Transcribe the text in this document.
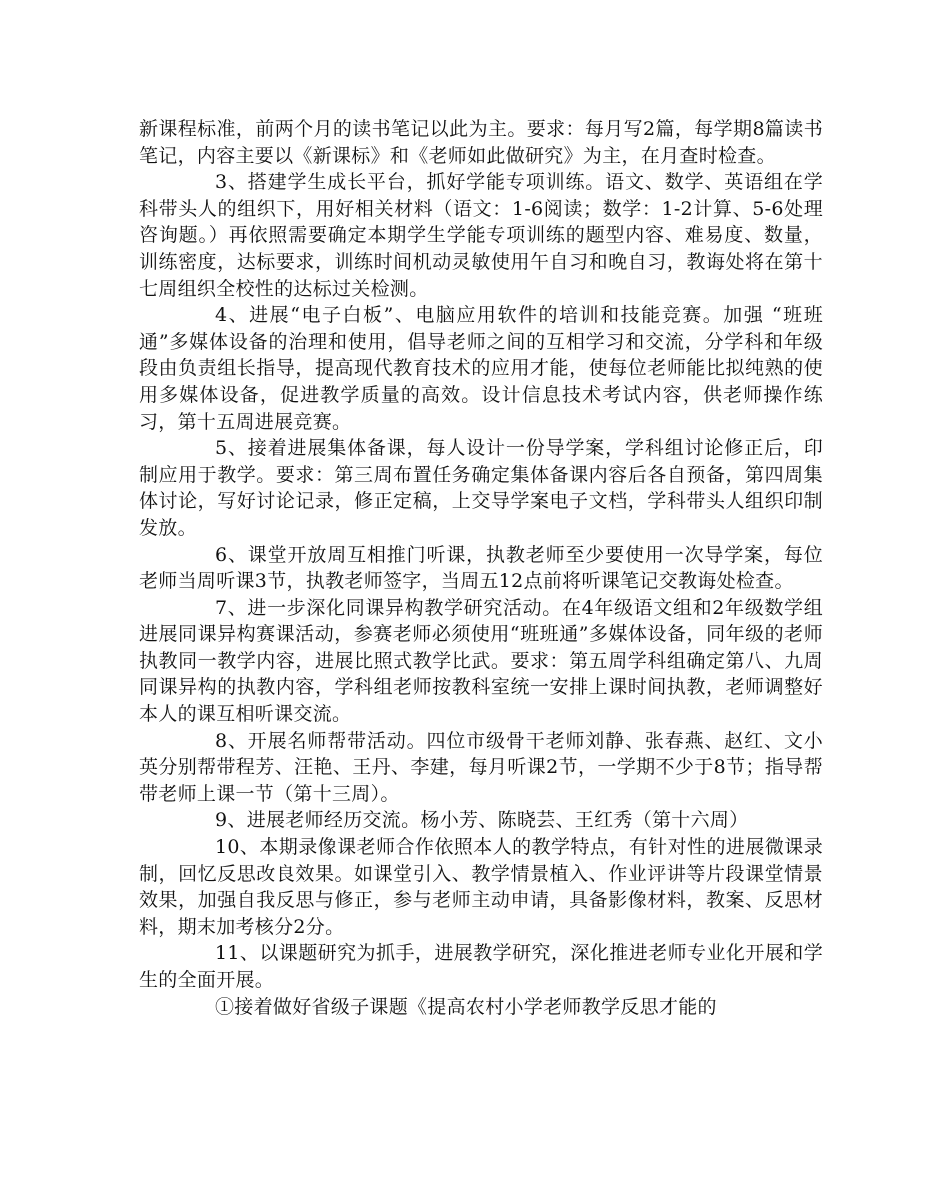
新课程标准，前两个月的读书笔记以此为主。要求：每月写2篇，每学期8篇读书笔记，内容主要以《新课标》和《老师如此做研究》为主，在月查时检查。

3、搭建学生成长平台，抓好学能专项训练。语文、数学、英语组在学科带头人的组织下，用好相关材料（语文：1-6阅读；数学：1-2计算、5-6处理咨询题。）再依照需要确定本期学生学能专项训练的题型内容、难易度、数量，训练密度，达标要求，训练时间机动灵敏使用午自习和晚自习，教诲处将在第十七周组织全校性的达标过关检测。

4、进展“电子白板”、电脑应用软件的培训和技能竞赛。加强 “班班通”多媒体设备的治理和使用，倡导老师之间的互相学习和交流，分学科和年级段由负责组长指导，提高现代教育技术的应用才能，使每位老师能比拟纯熟的使用多媒体设备，促进教学质量的高效。设计信息技术考试内容，供老师操作练习，第十五周进展竞赛。

5、接着进展集体备课，每人设计一份导学案，学科组讨论修正后，印制应用于教学。要求：第三周布置任务确定集体备课内容后各自预备，第四周集体讨论，写好讨论记录，修正定稿，上交导学案电子文档，学科带头人组织印制发放。

6、课堂开放周互相推门听课，执教老师至少要使用一次导学案，每位老师当周听课3节，执教老师签字，当周五12点前将听课笔记交教诲处检查。

7、进一步深化同课异构教学研究活动。在4年级语文组和2年级数学组进展同课异构赛课活动，参赛老师必须使用“班班通”多媒体设备，同年级的老师执教同一教学内容，进展比照式教学比武。要求：第五周学科组确定第八、九周同课异构的执教内容，学科组老师按教科室统一安排上课时间执教，老师调整好本人的课互相听课交流。

8、开展名师帮带活动。四位市级骨干老师刘静、张春燕、赵红、文小英分别帮带程芳、汪艳、王丹、李建，每月听课2节，一学期不少于8节；指导帮带老师上课一节（第十三周）。

9、进展老师经历交流。杨小芳、陈晓芸、王红秀（第十六周）

10、本期录像课老师合作依照本人的教学特点，有针对性的进展微课录制，回忆反思改良效果。如课堂引入、教学情景植入、作业评讲等片段课堂情景效果，加强自我反思与修正，参与老师主动申请，具备影像材料，教案、反思材料，期末加考核分2分。

11、以课题研究为抓手，进展教学研究，深化推进老师专业化开展和学生的全面开展。

①接着做好省级子课题《提高农村小学老师教学反思才能的
